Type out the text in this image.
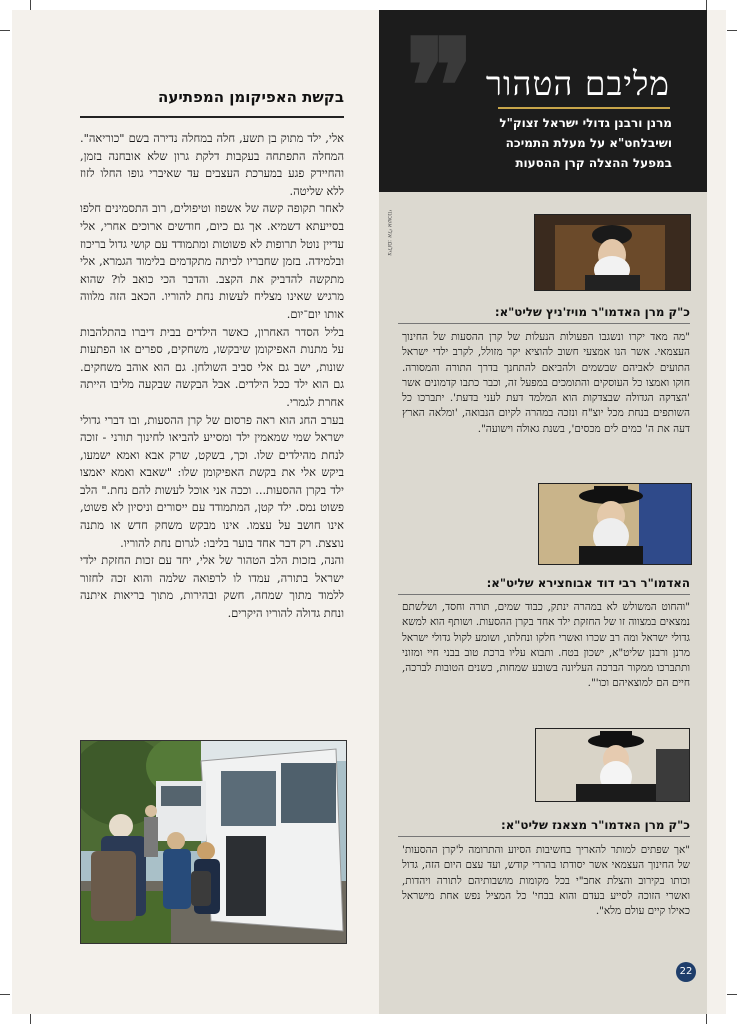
בקשת האפיקומן המפתיעה

אלי, ילד מתוק בן תשע, חלה במחלה נדירה בשם "כוריאה". המחלה התפתחה בעקבות דלקת גרון שלא אובחנה בזמן, והחיידק פגע במערכת העצבים עד שאיברי גופו החלו לזוז ללא שליטה.

לאחר תקופה קשה של אשפוז וטיפולים, רוב התסמינים חלפו בסייעתא דשמיא. אך גם כיום, חודשים ארוכים אחרי, אלי עדיין נוטל תרופות לא פשוטות ומתמודד עם קושי גדול בריכוז ובלמידה. בזמן שחבריו לכיתה מתקדמים בלימוד הגמרא, אלי מתקשה להדביק את הקצב. והדבר הכי כואב לו? שהוא מרגיש שאינו מצליח לעשות נחת להוריו. הכאב הזה מלווה אותו יום־יום.

בליל הסדר האחרון, כאשר הילדים בבית דיברו בהתלהבות על מתנות האפיקומן שיבקשו, משחקים, ספרים או הפתעות שונות, ישב גם אלי סביב השולחן. גם הוא אוהב משחקים. גם הוא ילד ככל הילדים. אבל הבקשה שבקעה מליבו הייתה אחרת לגמרי.

בערב החג הוא ראה פרסום של קרן ההסעות, ובו דברי גדולי ישראל שמי שמאמין ילד ומסייע להביאו לחינוך תורני - זוכה לנחת מהילדים שלו. וכך, בשקט, שרק אבא ואמא ישמעו, ביקש אלי את בקשת האפיקומן שלו: "שאבא ואמא יאמצו ילד בקרן ההסעות... וככה אני אוכל לעשות להם נחת." הלב פשוט נמס. ילד קטן, המתמודד עם ייסורים וניסיון לא פשוט, אינו חושב על עצמו. אינו מבקש משחק חדש או מתנה נוצצת. רק דבר אחד בוער בליבו: לגרום נחת להוריו.

והנה, בזכות הלב הטהור של אלי, יחד עם זכות החזקת ילדי ישראל בתורה, עמדו לו לרפואה שלמה והוא זכה לחזור ללמוד מתוך שמחה, חשק ובהירות, מתוך בריאות איתנה ונחת גדולה להוריו היקרים.

❞ מליבם הטהור
מרנן ורבנן גדולי ישראל זצוק"ל
ושיבלחט"א על מעלת התמיכה
במפעל ההצלה קרן ההסעות
צילום: אלי אשכנזי
כ"ק מרן האדמו"ר מויז'ניץ שליט"א:
"מה מאד יקרו ונשגבו הפעולות הנעלות של קרן ההסעות של החינוך העצמאי. אשר הנו אמצעי חשוב להוציא יקר מזולל, לקרב ילדי ישראל התועים לאביהם שבשמים ולהביאם להתחנך בדרך התורה והמסורה. חוקו ואמצו כל העוסקים והתומכים במפעל זה, וכבר כתבו קדמונים אשר 'הצדקה הגדולה שבצדקות הוא המלמד דעת לעני בדעת'. יתברכו כל השותפים בנחת מכל יוצ"ח ונזכה במהרה לקיום הנבואה, 'ומלאה הארץ דעה את ה' כמים לים מכסים', בשנת גאולה וישועה".
האדמו"ר רבי דוד אבוחצירא שליט"א:
"והחוט המשולש לא במהרה ינתק, כבוד שמים, תורה וחסד, ושלשתם נמצאים במצווה זו של החזקת ילד אחד בקרן ההסעות. ושותף הוא למשא גדולי ישראל ומה רב שכרו ואשרי חלקו ונחלתו, ושומע לקול גדולי ישראל מרנן ורבנן שליט"א, ישכון בטח. ותבוא עליו ברכת טוב בבני חיי ומזוני ותתברכו ממקור הברכה העליונה בשובע שמחות, כשנים הטובות לברכה, חיים הם למוצאיהם וכו'".
כ"ק מרן האדמו"ר מצאנז שליט"א:
"אך שפתים למותר להאריך בחשיבות הסיוע והתרומה ל'קרן ההסעות' של החינוך העצמאי אשר יסודתו בהררי קודש, ועד עצם היום הזה, גדול וכותו בקירוב והצלת אחב"י בכל מקומות מושבותיהם לתורה ויהדות, ואשרי הזוכה לסייע בעדם והוא בבחי' כל המציל נפש אחת מישראל כאילו קיים עולם מלא".
22
